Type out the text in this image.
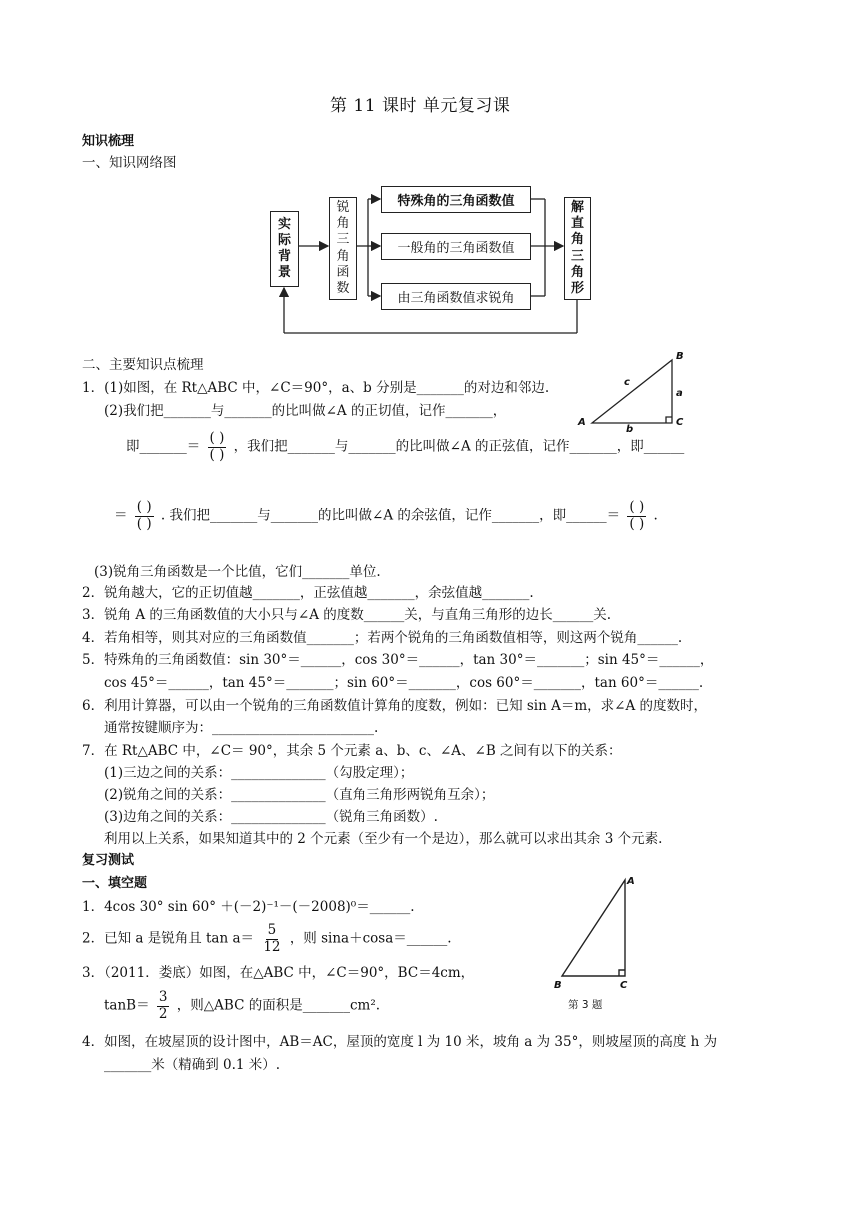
第 11 课时 单元复习课
知识梳理
一、知识网络图
实
际
背
景
锐
角
三
角
函
数
特殊角的三角函数值
一般角的三角函数值
由三角函数值求锐角
解
直
角
三
角
形
二、主要知识点梳理
B
A	C
a
b
c
1．(1)如图，在 Rt△ABC 中，∠C＝90°，a、b 分别是_______的对边和邻边.
(2)我们把_______与_______的比叫做∠A 的正切值，记作_______，
即_______＝ $\frac{( )}{( )}$ ，我们把_______与_______的比叫做∠A 的正弦值，记作_______，即______
＝ $\frac{( )}{( )}$ . 我们把_______与_______的比叫做∠A 的余弦值，记作_______，即______＝ $\frac{( )}{( )}$ .
(3)锐角三角函数是一个比值，它们_______单位.
2．锐角越大，它的正切值越_______，正弦值越_______，余弦值越_______.
3．锐角 A 的三角函数值的大小只与∠A 的度数______关，与直角三角形的边长______关.
4．若角相等，则其对应的三角函数值_______；若两个锐角的三角函数值相等，则这两个锐角______.
5．特殊角的三角函数值：sin 30°＝______，cos 30°＝______，tan 30°＝_______；sin 45°＝______，
cos 45°＝______，tan 45°＝_______；sin 60°＝_______，cos 60°＝_______，tan 60°＝______.
6．利用计算器，可以由一个锐角的三角函数值计算角的度数，例如：已知 sin A＝m，求∠A 的度数时，
通常按键顺序为：________________________.
7．在 Rt△ABC 中，∠C＝ 90°，其余 5 个元素 a、b、c、∠A、∠B 之间有以下的关系：
(1)三边之间的关系：______________（勾股定理）；
(2)锐角之间的关系：______________（直角三角形两锐角互余）；
(3)边角之间的关系：______________（锐角三角函数）.
利用以上关系，如果知道其中的 2 个元素（至少有一个是边），那么就可以求出其余 3 个元素.
复习测试
一、填空题
1．4cos 30° sin 60° ＋(－2)⁻¹－(－2008)⁰＝______.
2．已知 a 是锐角且 $\tan a= \frac{5}{12}$ ，则 sina＋cosa＝______.
3．（2011．娄底）如图，在△ABC 中，∠C＝90°，BC＝4cm，
$\tan B= \frac{3}{2}$ ，则△ABC 的面积是_______cm².
A
B	C
第 3 题
4．如图，在坡屋顶的设计图中，AB＝AC，屋顶的宽度 l 为 10 米，坡角 a 为 35°，则坡屋顶的高度 h 为
_______米（精确到 0.1 米）.
